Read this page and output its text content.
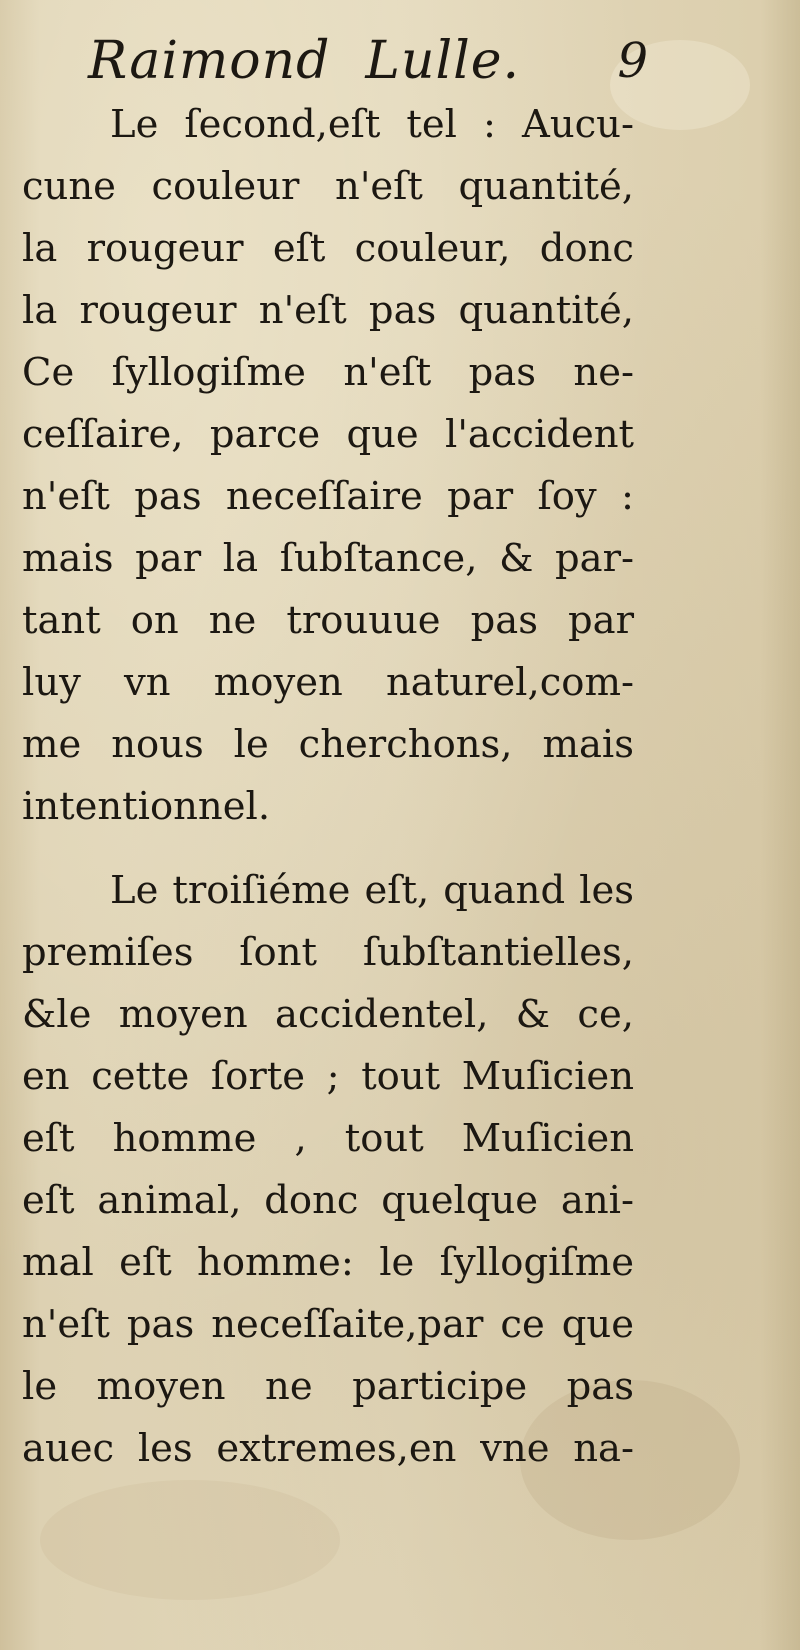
Raimond  Lulle. 9
Le ſecond,eſt tel : Aucu-
cune couleur n'eſt quantité,
la rougeur eſt couleur, donc
la rougeur n'eſt pas quantité,
Ce ſyllogiſme n'eſt pas ne-
ceſſaire, parce que l'accident
n'eſt pas neceſſaire par ſoy :
mais par la ſubſtance, & par-
tant on ne trouuue pas par
luy vn moyen naturel,com-
me nous le cherchons, mais
intentionnel.
Le troiſiéme eſt, quand les
premiſes ſont ſubſtantielles,
&le moyen accidentel, & ce,
en cette ſorte ; tout Muſicien
eſt homme , tout Muſicien
eſt animal, donc quelque ani-
mal eſt homme: le ſyllogiſme
n'eſt pas neceſſaite,par ce que
le moyen ne participe pas
auec les extremes,en vne na-
